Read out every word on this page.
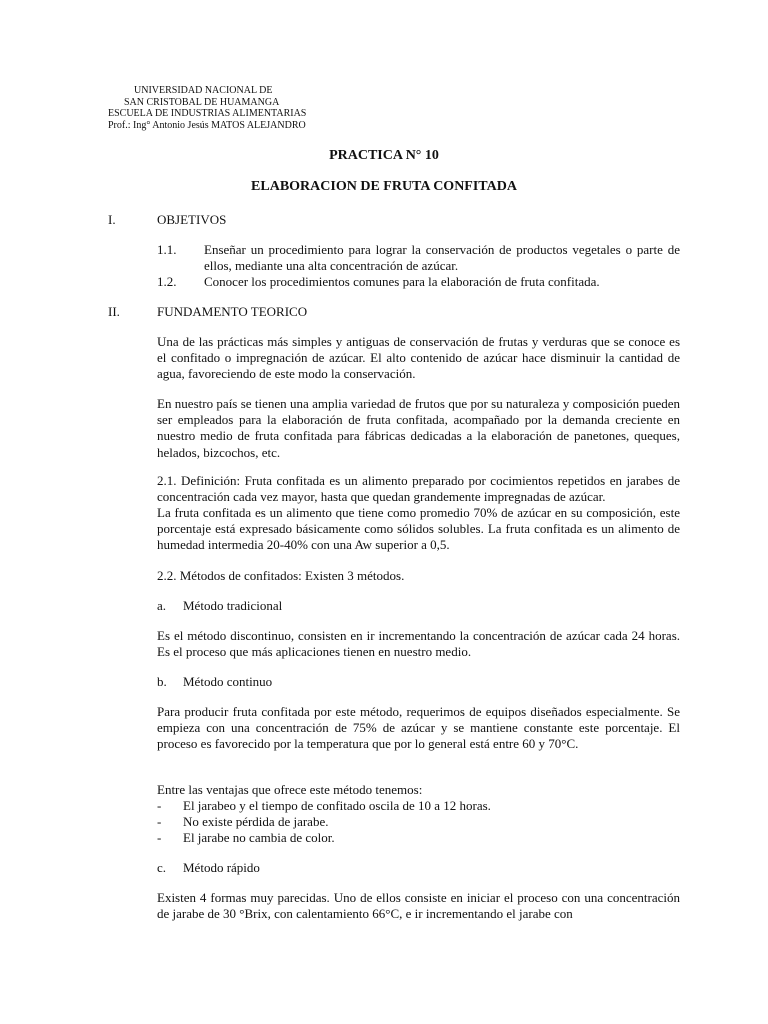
UNIVERSIDAD NACIONAL DE
SAN CRISTOBAL DE HUAMANGA
ESCUELA DE INDUSTRIAS ALIMENTARIAS
Prof.: Ing° Antonio Jesús MATOS ALEJANDRO
PRACTICA N° 10
ELABORACION DE FRUTA CONFITADA
I.	OBJETIVOS
1.1. Enseñar un procedimiento para lograr la conservación de productos vegetales o parte de ellos, mediante una alta concentración de azúcar.
1.2. Conocer los procedimientos comunes para la elaboración de fruta confitada.
II.	FUNDAMENTO TEORICO

Una de las prácticas más simples y antiguas de conservación de frutas y verduras que se conoce es el confitado o impregnación de azúcar. El alto contenido de azúcar hace disminuir la cantidad de agua, favoreciendo de este modo la conservación.

En nuestro país se tienen una amplia variedad de frutos que por su naturaleza y composición pueden ser empleados para la elaboración de fruta confitada, acompañado por la demanda creciente en nuestro medio de fruta confitada para fábricas dedicadas a la elaboración de panetones, queques, helados, bizcochos, etc.

2.1. Definición: Fruta confitada es un alimento preparado por cocimientos repetidos en jarabes de concentración cada vez mayor, hasta que quedan grandemente impregnadas de azúcar.

La fruta confitada es un alimento que tiene como promedio 70% de azúcar en su composición, este porcentaje está expresado básicamente como sólidos solubles. La fruta confitada es un alimento de humedad intermedia 20-40% con una Aw superior a 0,5.

2.2. Métodos de confitados: Existen 3 métodos.
a. Método tradicional

Es el método discontinuo, consisten en ir incrementando la concentración de azúcar cada 24 horas. Es el proceso que más aplicaciones tienen en nuestro medio.

b. Método continuo

Para producir fruta confitada por este método, requerimos de equipos diseñados especialmente. Se empieza con una concentración de 75% de azúcar y se mantiene constante este porcentaje. El proceso es favorecido por la temperatura que por lo general está entre 60 y 70°C.

Entre las ventajas que ofrece este método tenemos:
- El jarabeo y el tiempo de confitado oscila de 10 a 12 horas.
- No existe pérdida de jarabe.
- El jarabe no cambia de color.
c. Método rápido

Existen 4 formas muy parecidas. Uno de ellos consiste en iniciar el proceso con una concentración de jarabe de 30 °Brix, con calentamiento 66°C, e ir incrementando el jarabe con
